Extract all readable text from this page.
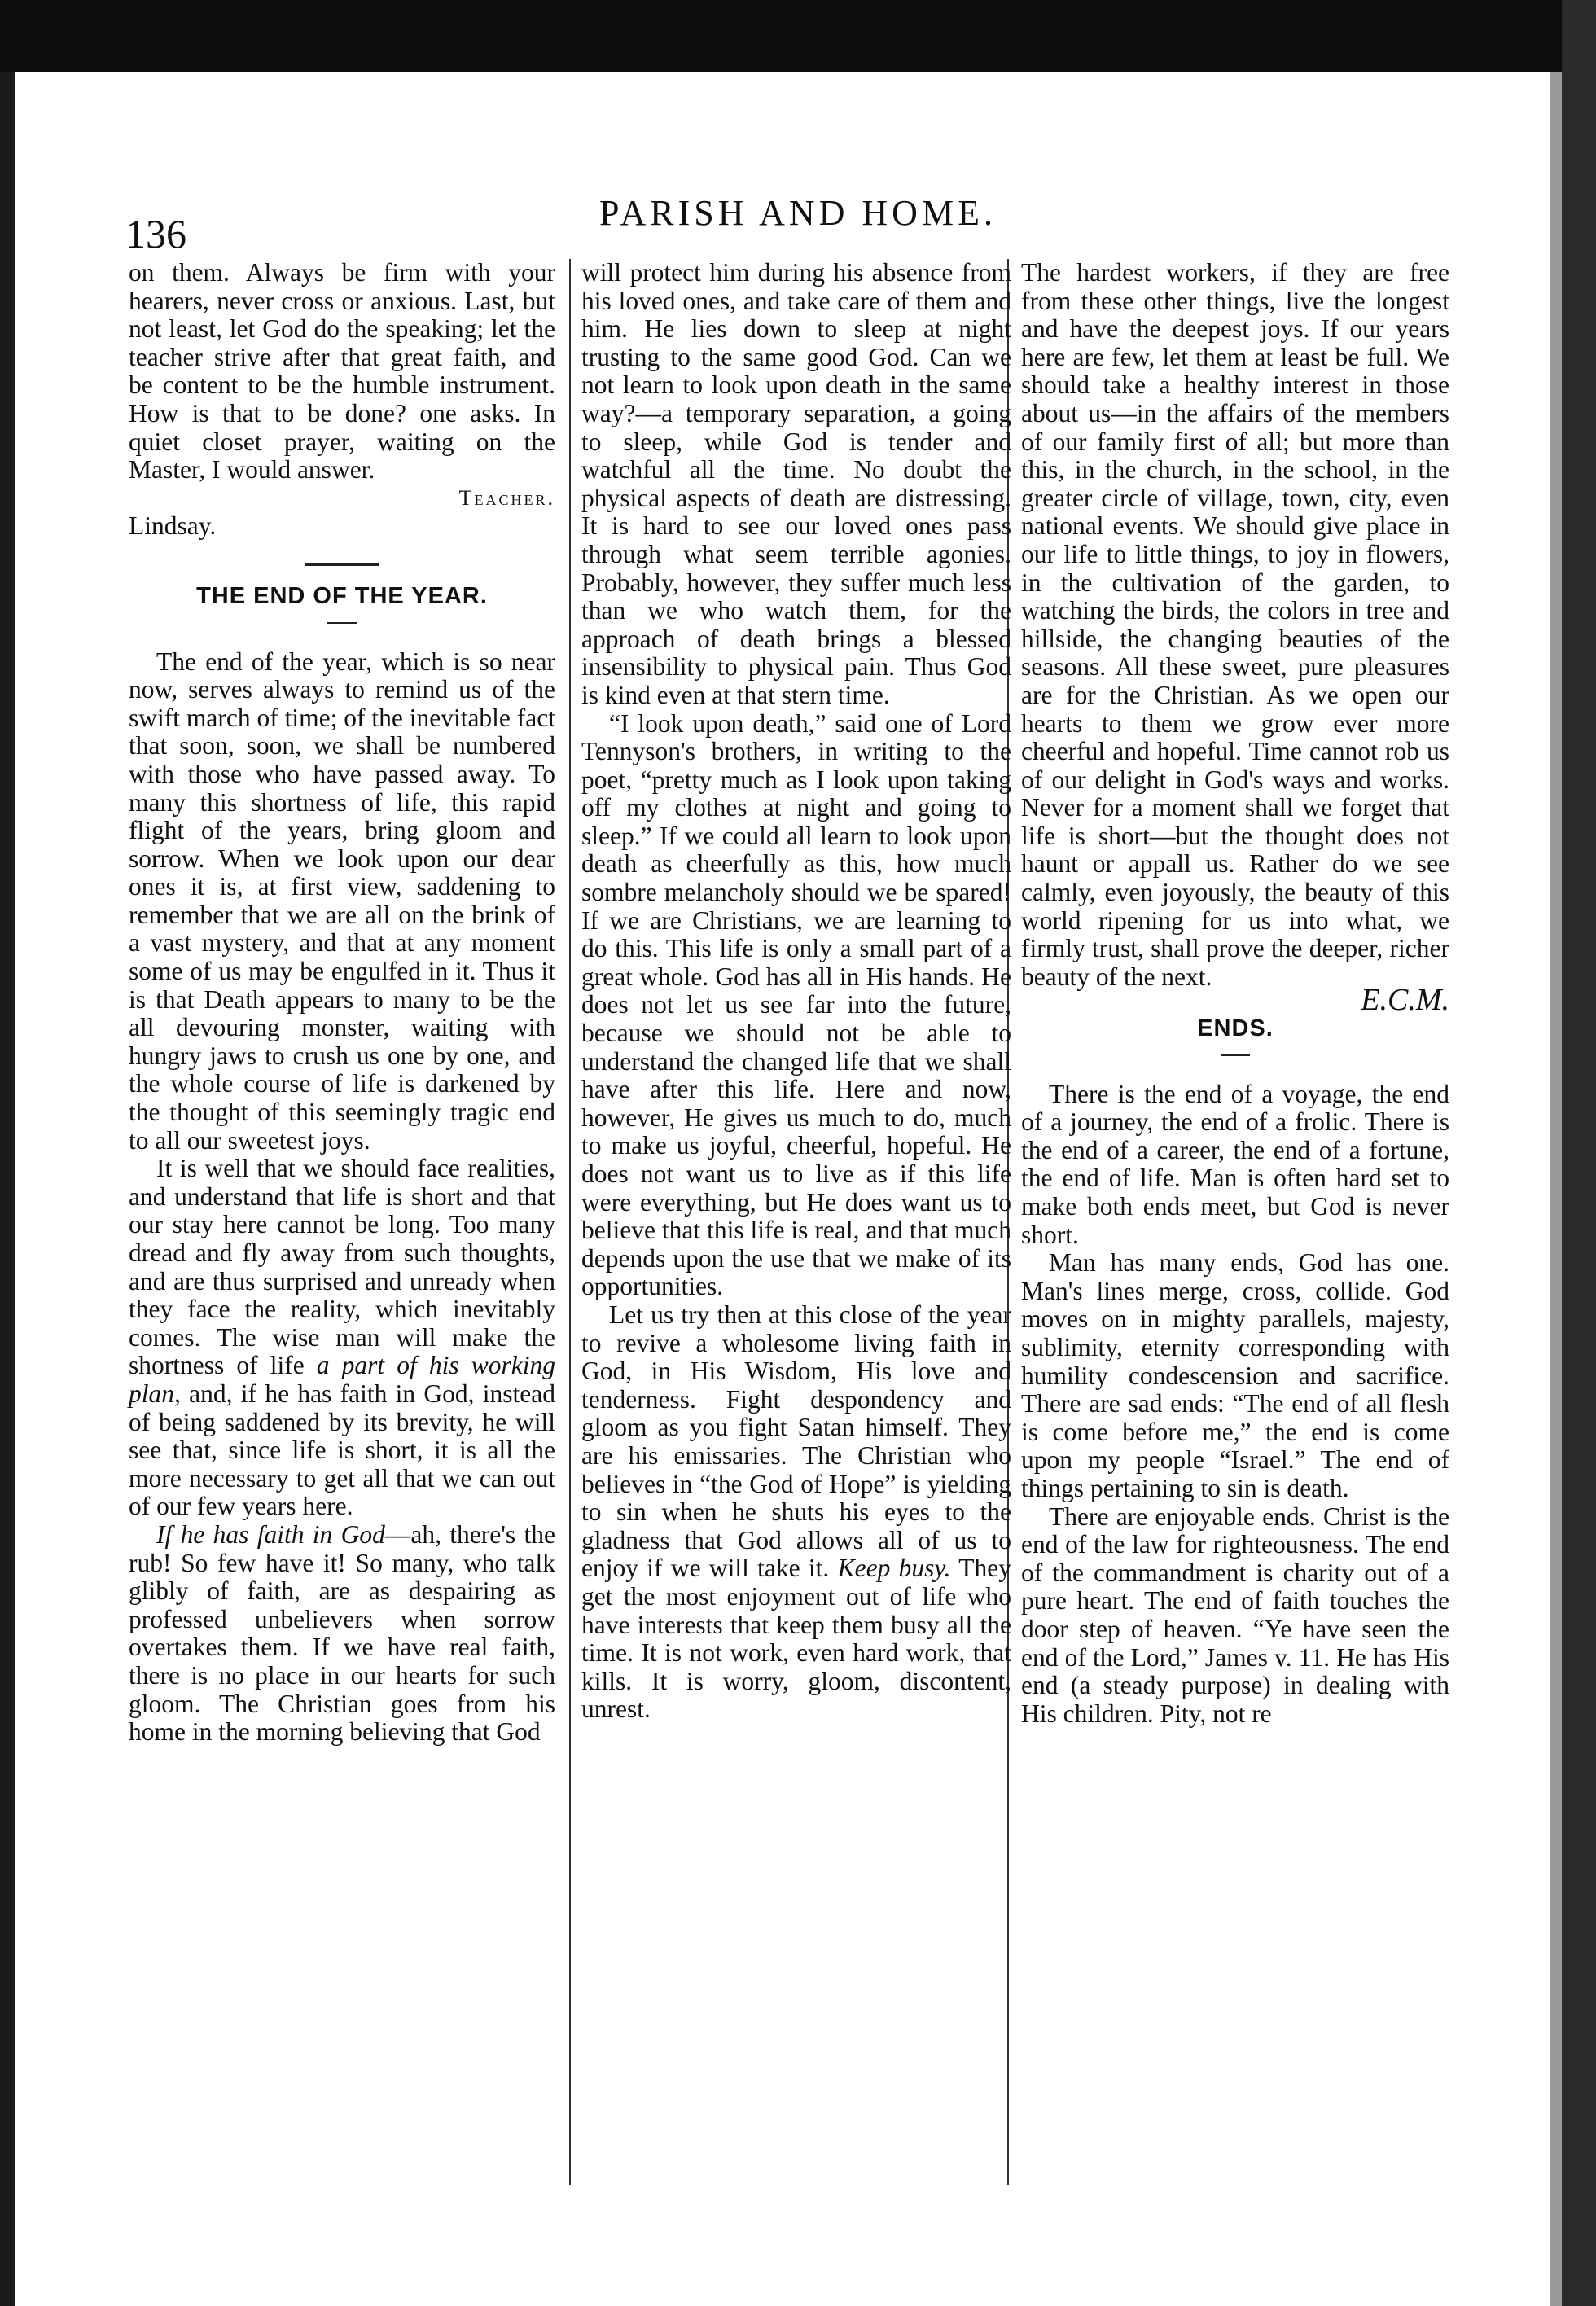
136	PARISH AND HOME.

on them. Always be firm with your hearers, never cross or anxious. Last, but not least, let God do the speaking; let the teacher strive after that great faith, and be content to be the humble instrument. How is that to be done? one asks. In quiet closet prayer, waiting on the Master, I would answer.

Teacher.

Lindsay.

THE END OF THE YEAR.

The end of the year, which is so near now, serves always to remind us of the swift march of time; of the inevitable fact that soon, soon, we shall be numbered with those who have passed away. To many this shortness of life, this rapid flight of the years, bring gloom and sorrow. When we look upon our dear ones it is, at first view, saddening to remember that we are all on the brink of a vast mystery, and that at any moment some of us may be engulfed in it. Thus it is that Death appears to many to be the all devouring monster, waiting with hungry jaws to crush us one by one, and the whole course of life is darkened by the thought of this seemingly tragic end to all our sweetest joys.

It is well that we should face realities, and understand that life is short and that our stay here cannot be long. Too many dread and fly away from such thoughts, and are thus surprised and unready when they face the reality, which inevitably comes. The wise man will make the shortness of life a part of his working plan, and, if he has faith in God, instead of being saddened by its brevity, he will see that, since life is short, it is all the more necessary to get all that we can out of our few years here.

If he has faith in God—ah, there's the rub! So few have it! So many, who talk glibly of faith, are as despairing as professed unbelievers when sorrow overtakes them. If we have real faith, there is no place in our hearts for such gloom. The Christian goes from his home in the morning believing that God

will protect him during his absence from his loved ones, and take care of them and him. He lies down to sleep at night trusting to the same good God. Can we not learn to look upon death in the same way?—a temporary separation, a going to sleep, while God is tender and watchful all the time. No doubt the physical aspects of death are distressing. It is hard to see our loved ones pass through what seem terrible agonies. Probably, however, they suffer much less than we who watch them, for the approach of death brings a blessed insensibility to physical pain. Thus God is kind even at that stern time.

“I look upon death,” said one of Lord Tennyson's brothers, in writing to the poet, “pretty much as I look upon taking off my clothes at night and going to sleep.” If we could all learn to look upon death as cheerfully as this, how much sombre melancholy should we be spared! If we are Christians, we are learning to do this. This life is only a small part of a great whole. God has all in His hands. He does not let us see far into the future, because we should not be able to understand the changed life that we shall have after this life. Here and now, however, He gives us much to do, much to make us joyful, cheerful, hopeful. He does not want us to live as if this life were everything, but He does want us to believe that this life is real, and that much depends upon the use that we make of its opportunities.

Let us try then at this close of the year to revive a wholesome living faith in God, in His Wisdom, His love and tenderness. Fight despondency and gloom as you fight Satan himself. They are his emissaries. The Christian who believes in “the God of Hope” is yielding to sin when he shuts his eyes to the gladness that God allows all of us to enjoy if we will take it. Keep busy. They get the most enjoyment out of life who have interests that keep them busy all the time. It is not work, even hard work, that kills. It is worry, gloom, discontent, unrest.

The hardest workers, if they are free from these other things, live the longest and have the deepest joys. If our years here are few, let them at least be full. We should take a healthy interest in those about us—in the affairs of the members of our family first of all; but more than this, in the church, in the school, in the greater circle of village, town, city, even national events. We should give place in our life to little things, to joy in flowers, in the cultivation of the garden, to watching the birds, the colors in tree and hillside, the changing beauties of the seasons. All these sweet, pure pleasures are for the Christian. As we open our hearts to them we grow ever more cheerful and hopeful. Time cannot rob us of our delight in God's ways and works. Never for a moment shall we forget that life is short—but the thought does not haunt or appall us. Rather do we see calmly, even joyously, the beauty of this world ripening for us into what, we firmly trust, shall prove the deeper, richer beauty of the next.

E.C.M.
ENDS.

There is the end of a voyage, the end of a journey, the end of a frolic. There is the end of a career, the end of a fortune, the end of life. Man is often hard set to make both ends meet, but God is never short.

Man has many ends, God has one. Man's lines merge, cross, collide. God moves on in mighty parallels, majesty, sublimity, eternity corresponding with humility condescension and sacrifice. There are sad ends: “The end of all flesh is come before me,” the end is come upon my people “Israel.” The end of things pertaining to sin is death.

There are enjoyable ends. Christ is the end of the law for righteousness. The end of the commandment is charity out of a pure heart. The end of faith touches the door step of heaven. “Ye have seen the end of the Lord,” James v. 11. He has His end (a steady purpose) in dealing with His children. Pity, not re
